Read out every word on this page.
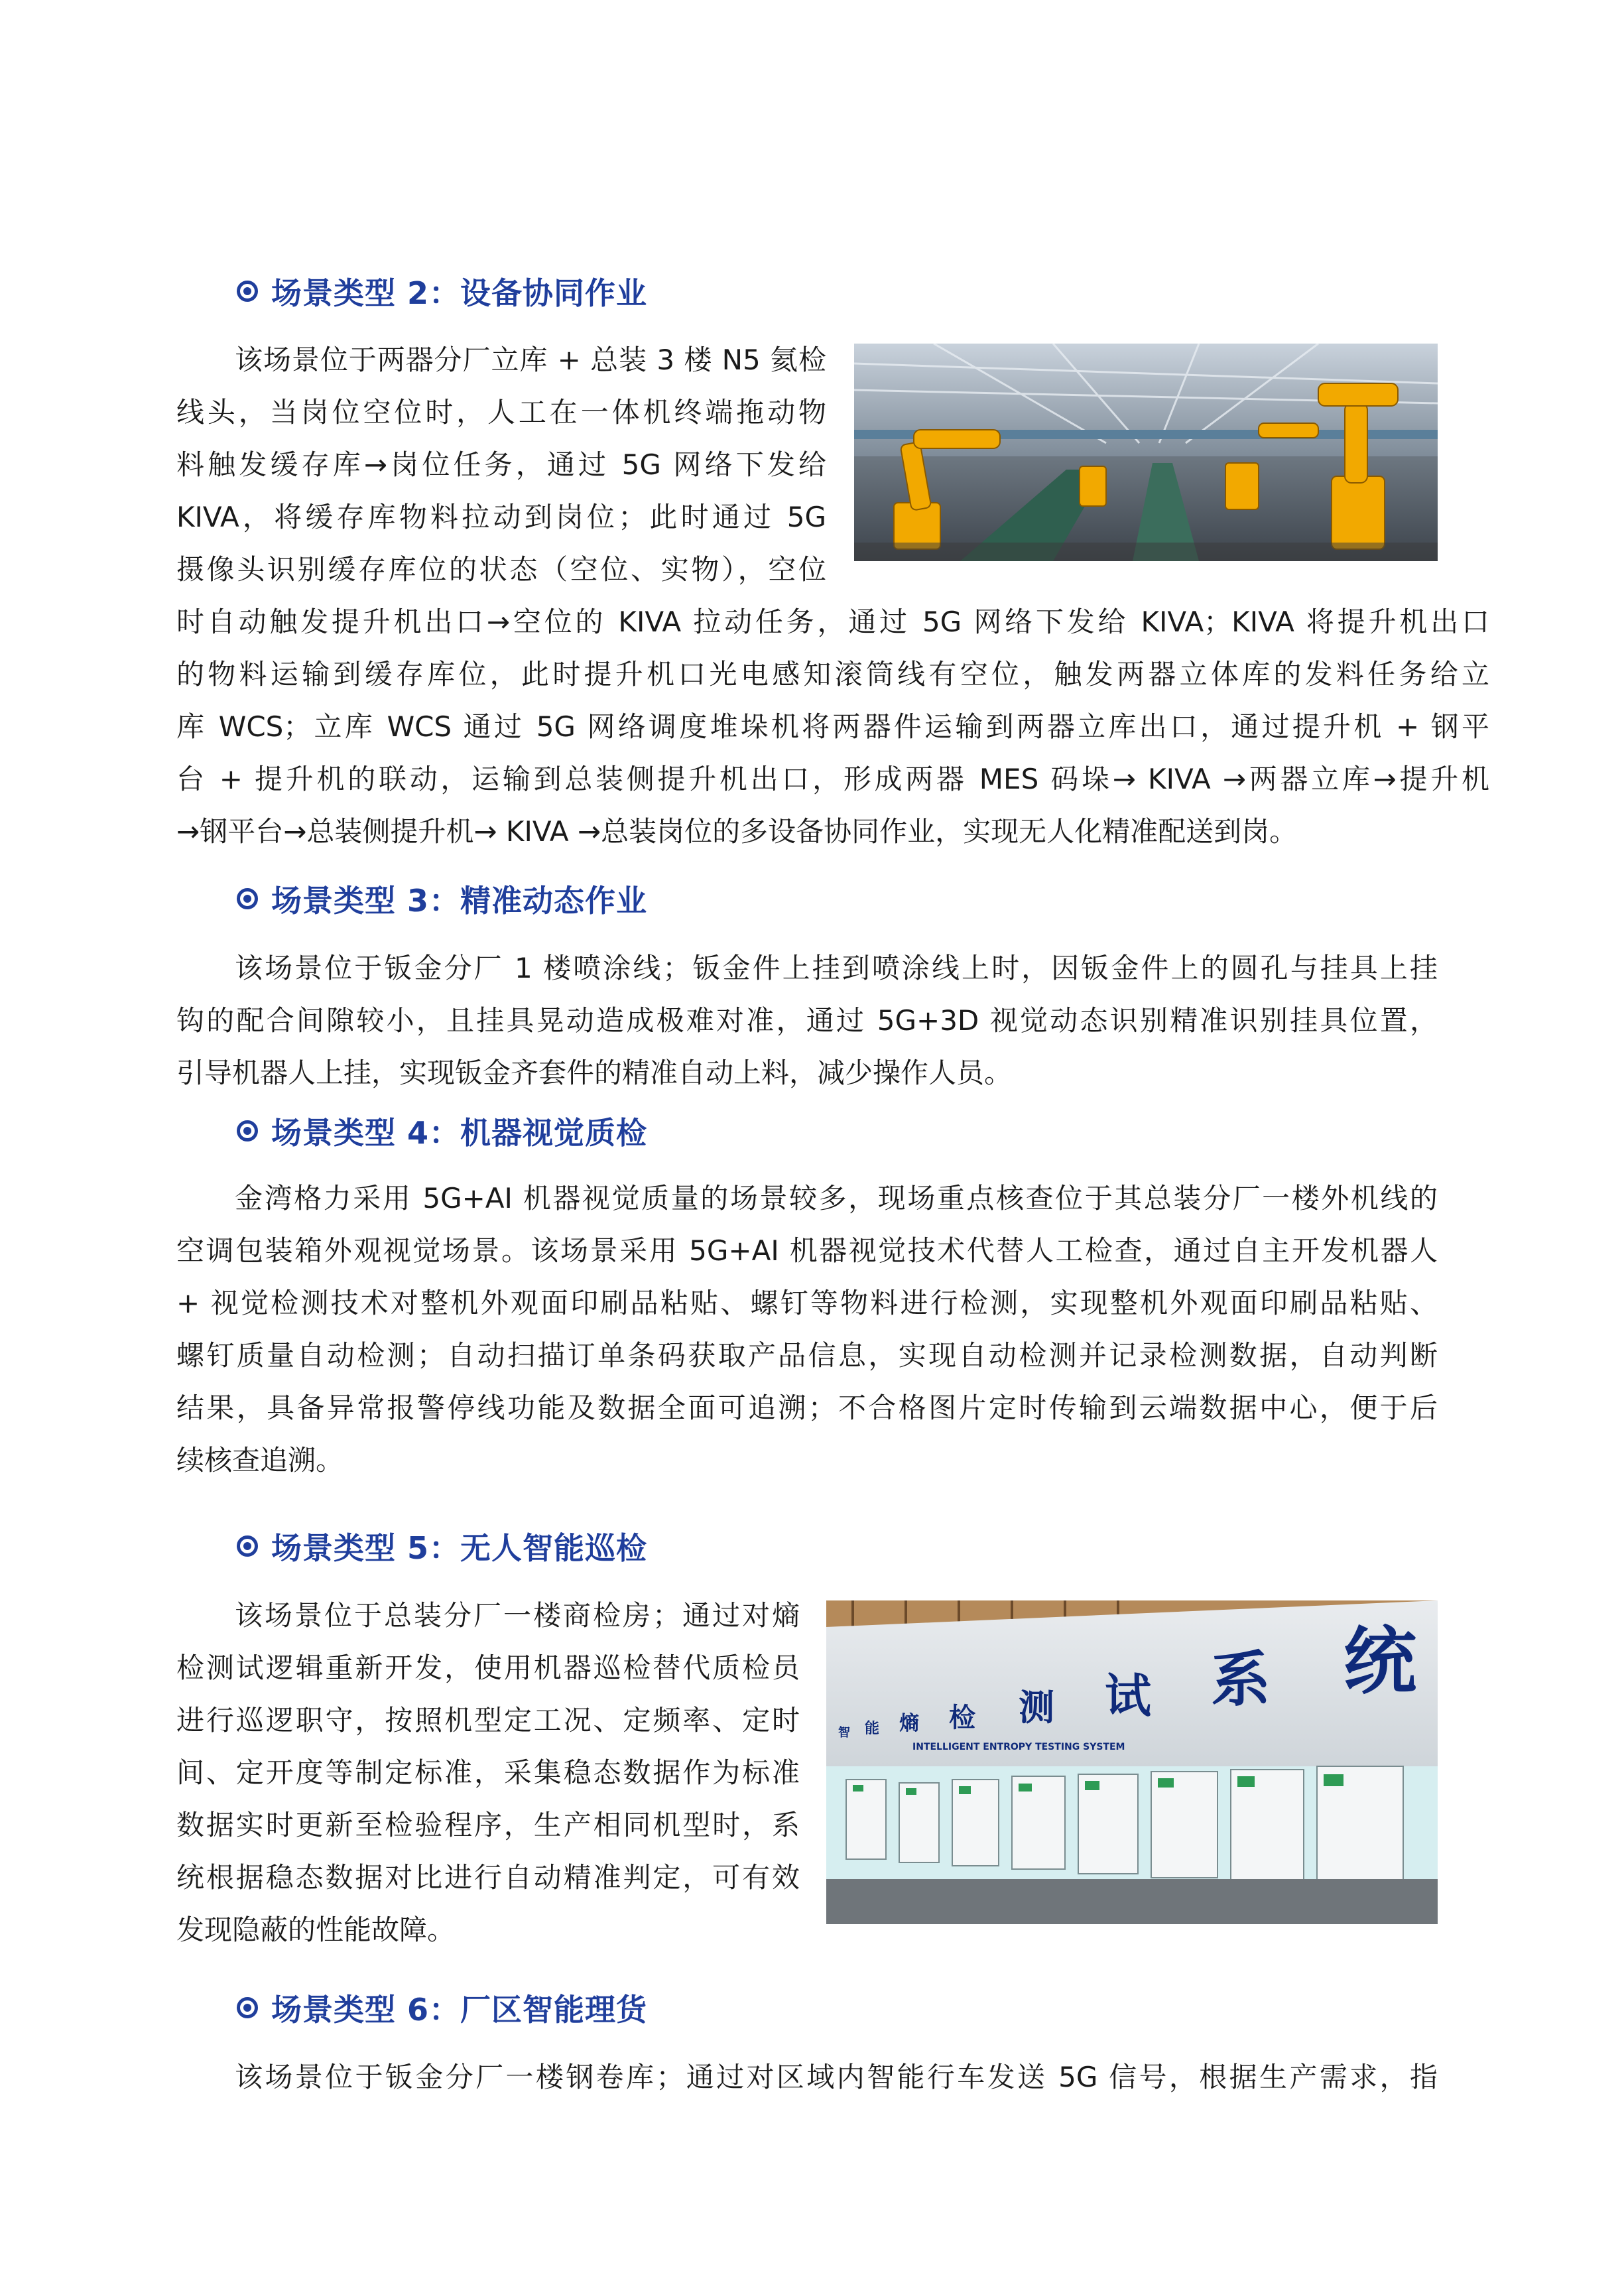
场景类型 2：设备协同作业
该场景位于两器分厂立库 + 总装 3 楼 N5 氦检
线头，当岗位空位时，人工在一体机终端拖动物
料触发缓存库→岗位任务，通过 5G 网络下发给
KIVA，将缓存库物料拉动到岗位；此时通过 5G
摄像头识别缓存库位的状态（空位、实物），空位
时自动触发提升机出口→空位的 KIVA 拉动任务，通过 5G 网络下发给 KIVA；KIVA 将提升机出口
的物料运输到缓存库位，此时提升机口光电感知滚筒线有空位，触发两器立体库的发料任务给立
库 WCS；立库 WCS 通过 5G 网络调度堆垛机将两器件运输到两器立库出口，通过提升机 + 钢平
台 + 提升机的联动，运输到总装侧提升机出口，形成两器 MES 码垛→ KIVA →两器立库→提升机
→钢平台→总装侧提升机→ KIVA →总装岗位的多设备协同作业，实现无人化精准配送到岗。
场景类型 3：精准动态作业
该场景位于钣金分厂 1 楼喷涂线；钣金件上挂到喷涂线上时，因钣金件上的圆孔与挂具上挂
钩的配合间隙较小，且挂具晃动造成极难对准，通过 5G+3D 视觉动态识别精准识别挂具位置，
引导机器人上挂，实现钣金齐套件的精准自动上料，减少操作人员。
场景类型 4：机器视觉质检
金湾格力采用 5G+AI 机器视觉质量的场景较多，现场重点核查位于其总装分厂一楼外机线的
空调包装箱外观视觉场景。该场景采用 5G+AI 机器视觉技术代替人工检查，通过自主开发机器人
+ 视觉检测技术对整机外观面印刷品粘贴、螺钉等物料进行检测，实现整机外观面印刷品粘贴、
螺钉质量自动检测；自动扫描订单条码获取产品信息，实现自动检测并记录检测数据，自动判断
结果，具备异常报警停线功能及数据全面可追溯；不合格图片定时传输到云端数据中心，便于后
续核查追溯。
场景类型 5：无人智能巡检
该场景位于总装分厂一楼商检房；通过对熵
检测试逻辑重新开发，使用机器巡检替代质检员
进行巡逻职守，按照机型定工况、定频率、定时
间、定开度等制定标准，采集稳态数据作为标准
数据实时更新至检验程序，生产相同机型时，系
统根据稳态数据对比进行自动精准判定，可有效
发现隐蔽的性能故障。
智 能 熵 检 测 试 系 统
INTELLIGENT ENTROPY TESTING SYSTEM
场景类型 6：厂区智能理货
该场景位于钣金分厂一楼钢卷库；通过对区域内智能行车发送 5G 信号，根据生产需求，指
